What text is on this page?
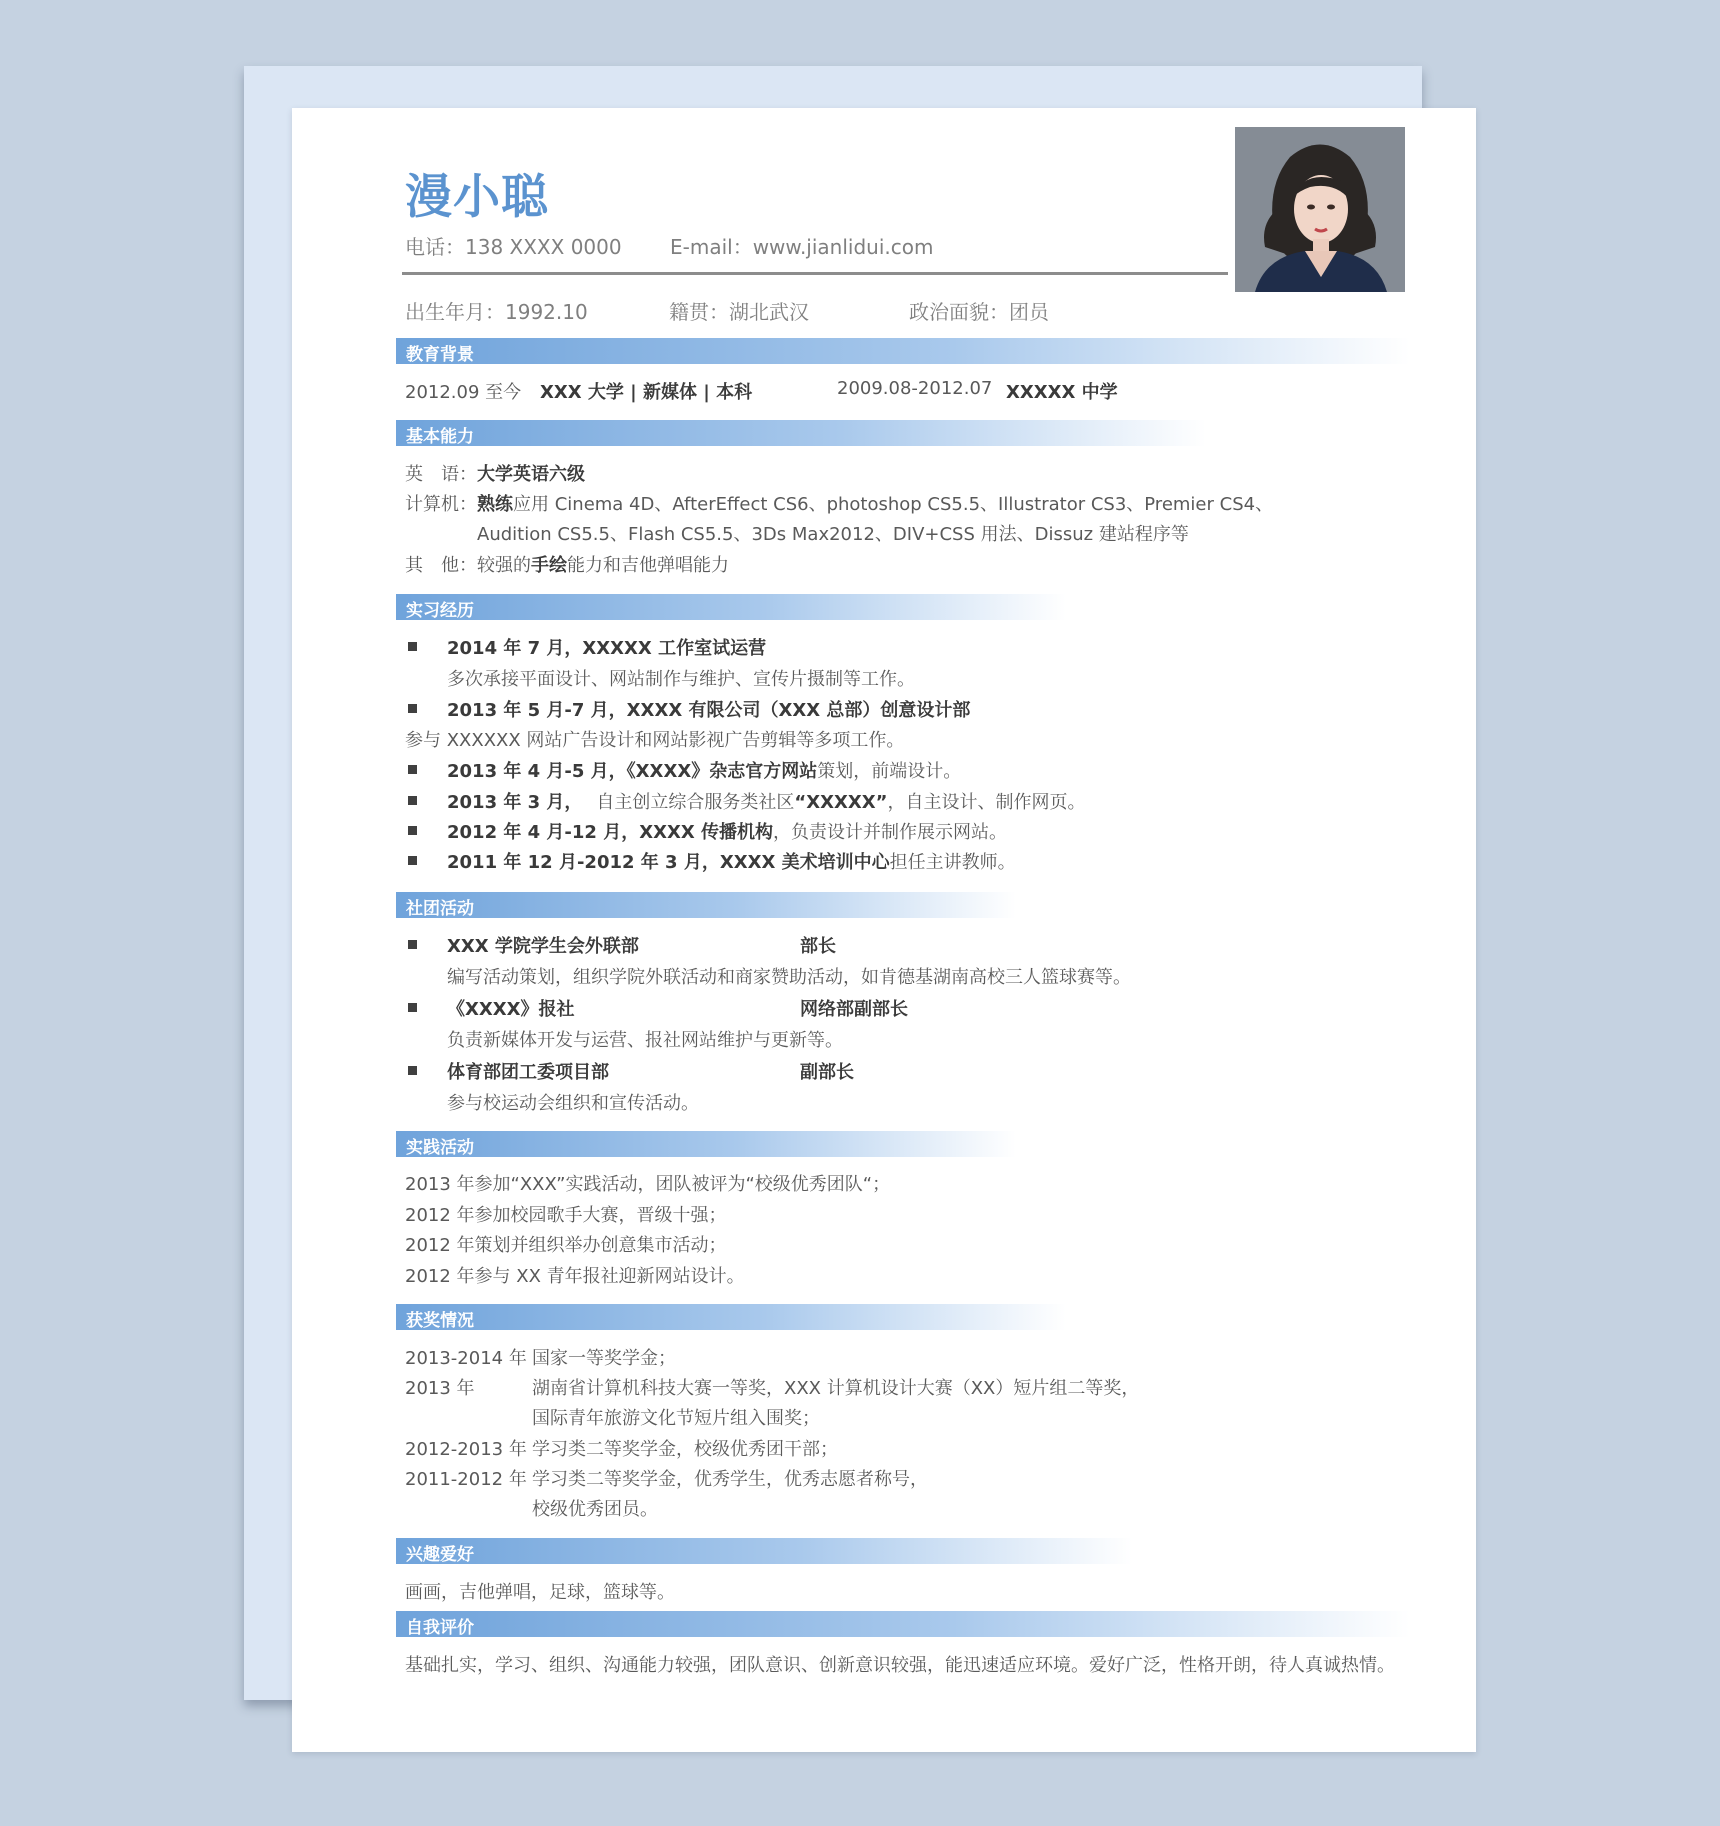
漫小聪
电话：138 XXXX 0000 E-mail：www.jianlidui.com
出生年月：1992.10	籍贯：湖北武汉	政治面貌：团员
教育背景
2012.09 至今 XXX 大学 | 新媒体 | 本科	2009.08-2012.07 XXXXX 中学
基本能力
英　语：大学英语六级
计算机：熟练应用 Cinema 4D、AfterEffect CS6、photoshop CS5.5、Illustrator CS3、Premier CS4、
Audition CS5.5、Flash CS5.5、3Ds Max2012、DIV+CSS 用法、Dissuz 建站程序等
其　他：较强的手绘能力和吉他弹唱能力
实习经历
2014 年 7 月，XXXXX 工作室试运营
多次承接平面设计、网站制作与维护、宣传片摄制等工作。
2013 年 5 月-7 月，XXXX 有限公司（XXX 总部）创意设计部
参与 XXXXXX 网站广告设计和网站影视广告剪辑等多项工作。
2013 年 4 月-5 月，《XXXX》杂志官方网站策划，前端设计。
2013 年 3 月， 自主创立综合服务类社区“XXXXX”，自主设计、制作网页。
2012 年 4 月-12 月，XXXX 传播机构，负责设计并制作展示网站。
2011 年 12 月-2012 年 3 月，XXXX 美术培训中心担任主讲教师。
社团活动
XXX 学院学生会外联部	部长
编写活动策划，组织学院外联活动和商家赞助活动，如肯德基湖南高校三人篮球赛等。
《XXXX》报社	网络部副部长
负责新媒体开发与运营、报社网站维护与更新等。
体育部团工委项目部	副部长
参与校运动会组织和宣传活动。
实践活动
2013 年参加“XXX”实践活动，团队被评为“校级优秀团队“；
2012 年参加校园歌手大赛，晋级十强；
2012 年策划并组织举办创意集市活动；
2012 年参与 XX 青年报社迎新网站设计。
获奖情况
2013-2014 年 国家一等奖学金；
2013 年	湖南省计算机科技大赛一等奖，XXX 计算机设计大赛（XX）短片组二等奖，
国际青年旅游文化节短片组入围奖；
2012-2013 年 学习类二等奖学金，校级优秀团干部；
2011-2012 年 学习类二等奖学金，优秀学生，优秀志愿者称号，
校级优秀团员。
兴趣爱好
画画，吉他弹唱，足球，篮球等。
自我评价
基础扎实，学习、组织、沟通能力较强，团队意识、创新意识较强，能迅速适应环境。爱好广泛，性格开朗，待人真诚热情。
